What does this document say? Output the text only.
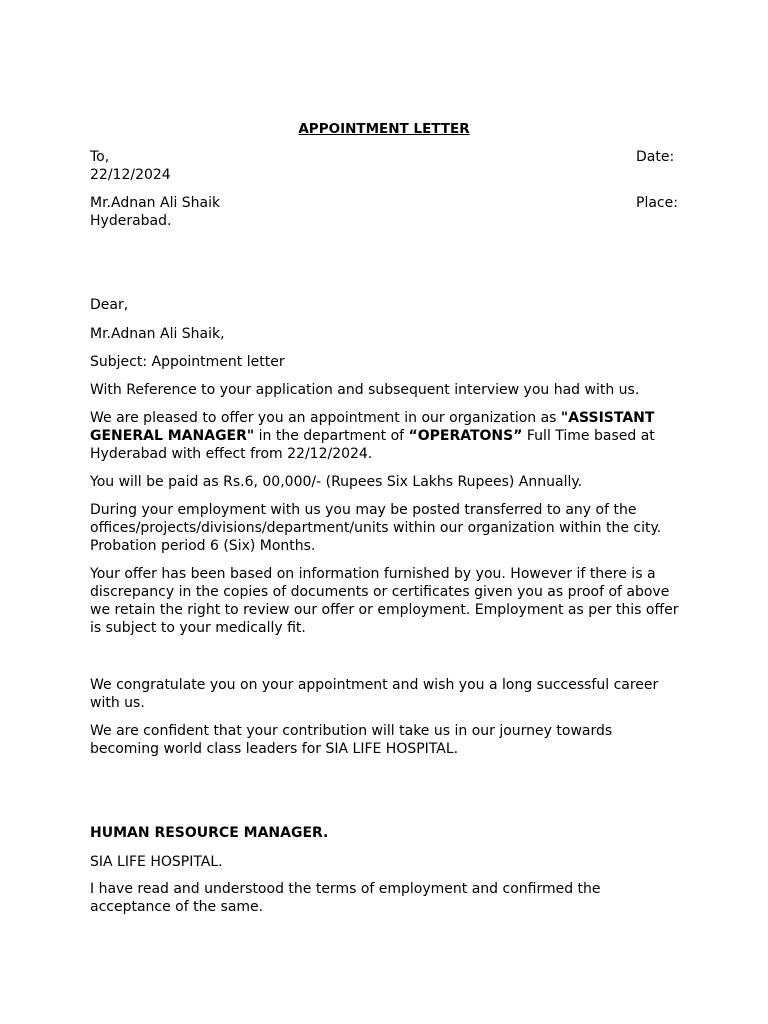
APPOINTMENT LETTER
To,
22/12/2024
Date:
Mr.Adnan Ali Shaik
Hyderabad.
Place:
Dear,
Mr.Adnan Ali Shaik,
Subject: Appointment letter
With Reference to your application and subsequent interview you had with us.
We are pleased to offer you an appointment in our organization as "ASSISTANT
GENERAL MANAGER" in the department of “OPERATONS” Full Time based at
Hyderabad with effect from 22/12/2024.
You will be paid as Rs.6, 00,000/- (Rupees Six Lakhs Rupees) Annually.
During your employment with us you may be posted transferred to any of the
offices/projects/divisions/department/units within our organization within the city.
Probation period 6 (Six) Months.
Your offer has been based on information furnished by you. However if there is a
discrepancy in the copies of documents or certificates given you as proof of above
we retain the right to review our offer or employment. Employment as per this offer
is subject to your medically fit.
We congratulate you on your appointment and wish you a long successful career
with us.
We are confident that your contribution will take us in our journey towards
becoming world class leaders for SIA LIFE HOSPITAL.
HUMAN RESOURCE MANAGER.
SIA LIFE HOSPITAL.
I have read and understood the terms of employment and confirmed the
acceptance of the same.
